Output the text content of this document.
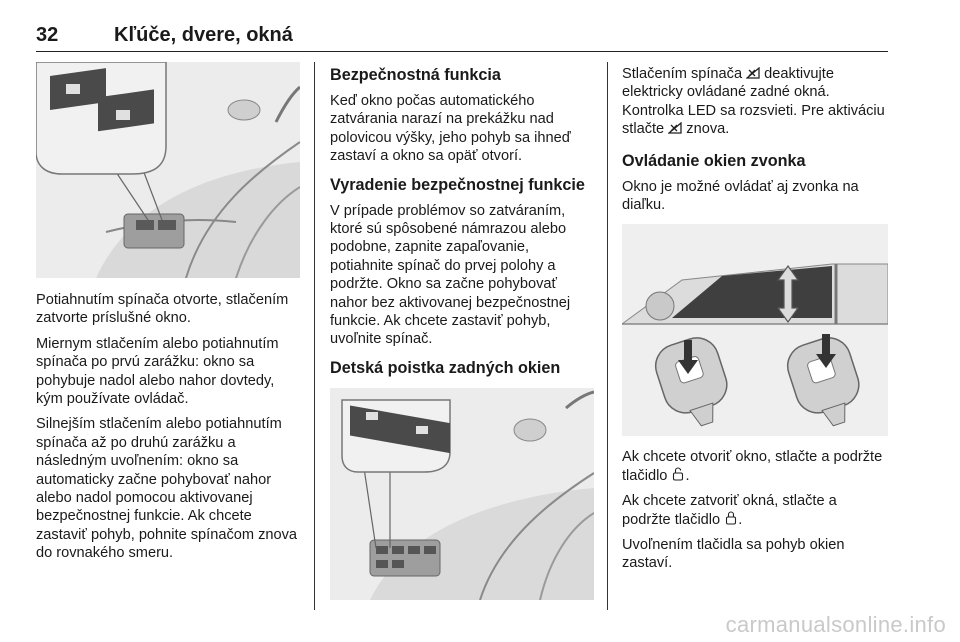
32	Kľúče, dvere, okná

Potiahnutím spínača otvorte, stlačením zatvorte príslušné okno.

Miernym stlačením alebo potiahnutím spínača po prvú zarážku: okno sa pohybuje nadol alebo nahor dovtedy, kým používate ovládač.

Silnejším stlačením alebo potiahnutím spínača až po druhú zarážku a následným uvoľnením: okno sa automaticky začne pohybovať nahor alebo nadol pomocou aktivovanej bezpečnostnej funkcie. Ak chcete zastaviť pohyb, pohnite spínačom znova do rovnakého smeru.

Bezpečnostná funkcia

Keď okno počas automatického zatvárania narazí na prekážku nad polovicou výšky, jeho pohyb sa ihneď zastaví a okno sa opäť otvorí.

Vyradenie bezpečnostnej funkcie

V prípade problémov so zatváraním, ktoré sú spôsobené námrazou alebo podobne, zapnite zapaľovanie, potiahnite spínač do prvej polohy a podržte. Okno sa začne pohybovať nahor bez aktivovanej bezpečnostnej funkcie. Ak chcete zastaviť pohyb, uvoľnite spínač.

Detská poistka zadných okien

Stlačením spínača  deaktivujte elektricky ovládané zadné okná. Kontrolka LED sa rozsvieti. Pre aktiváciu stlačte  znova.

Ovládanie okien zvonka

Okno je možné ovládať aj zvonka na diaľku.

Ak chcete otvoriť okno, stlačte a podržte tlačidlo .

Ak chcete zatvoriť okná, stlačte a podržte tlačidlo .

Uvoľnením tlačidla sa pohyb okien zastaví.

carmanualsonline.info
